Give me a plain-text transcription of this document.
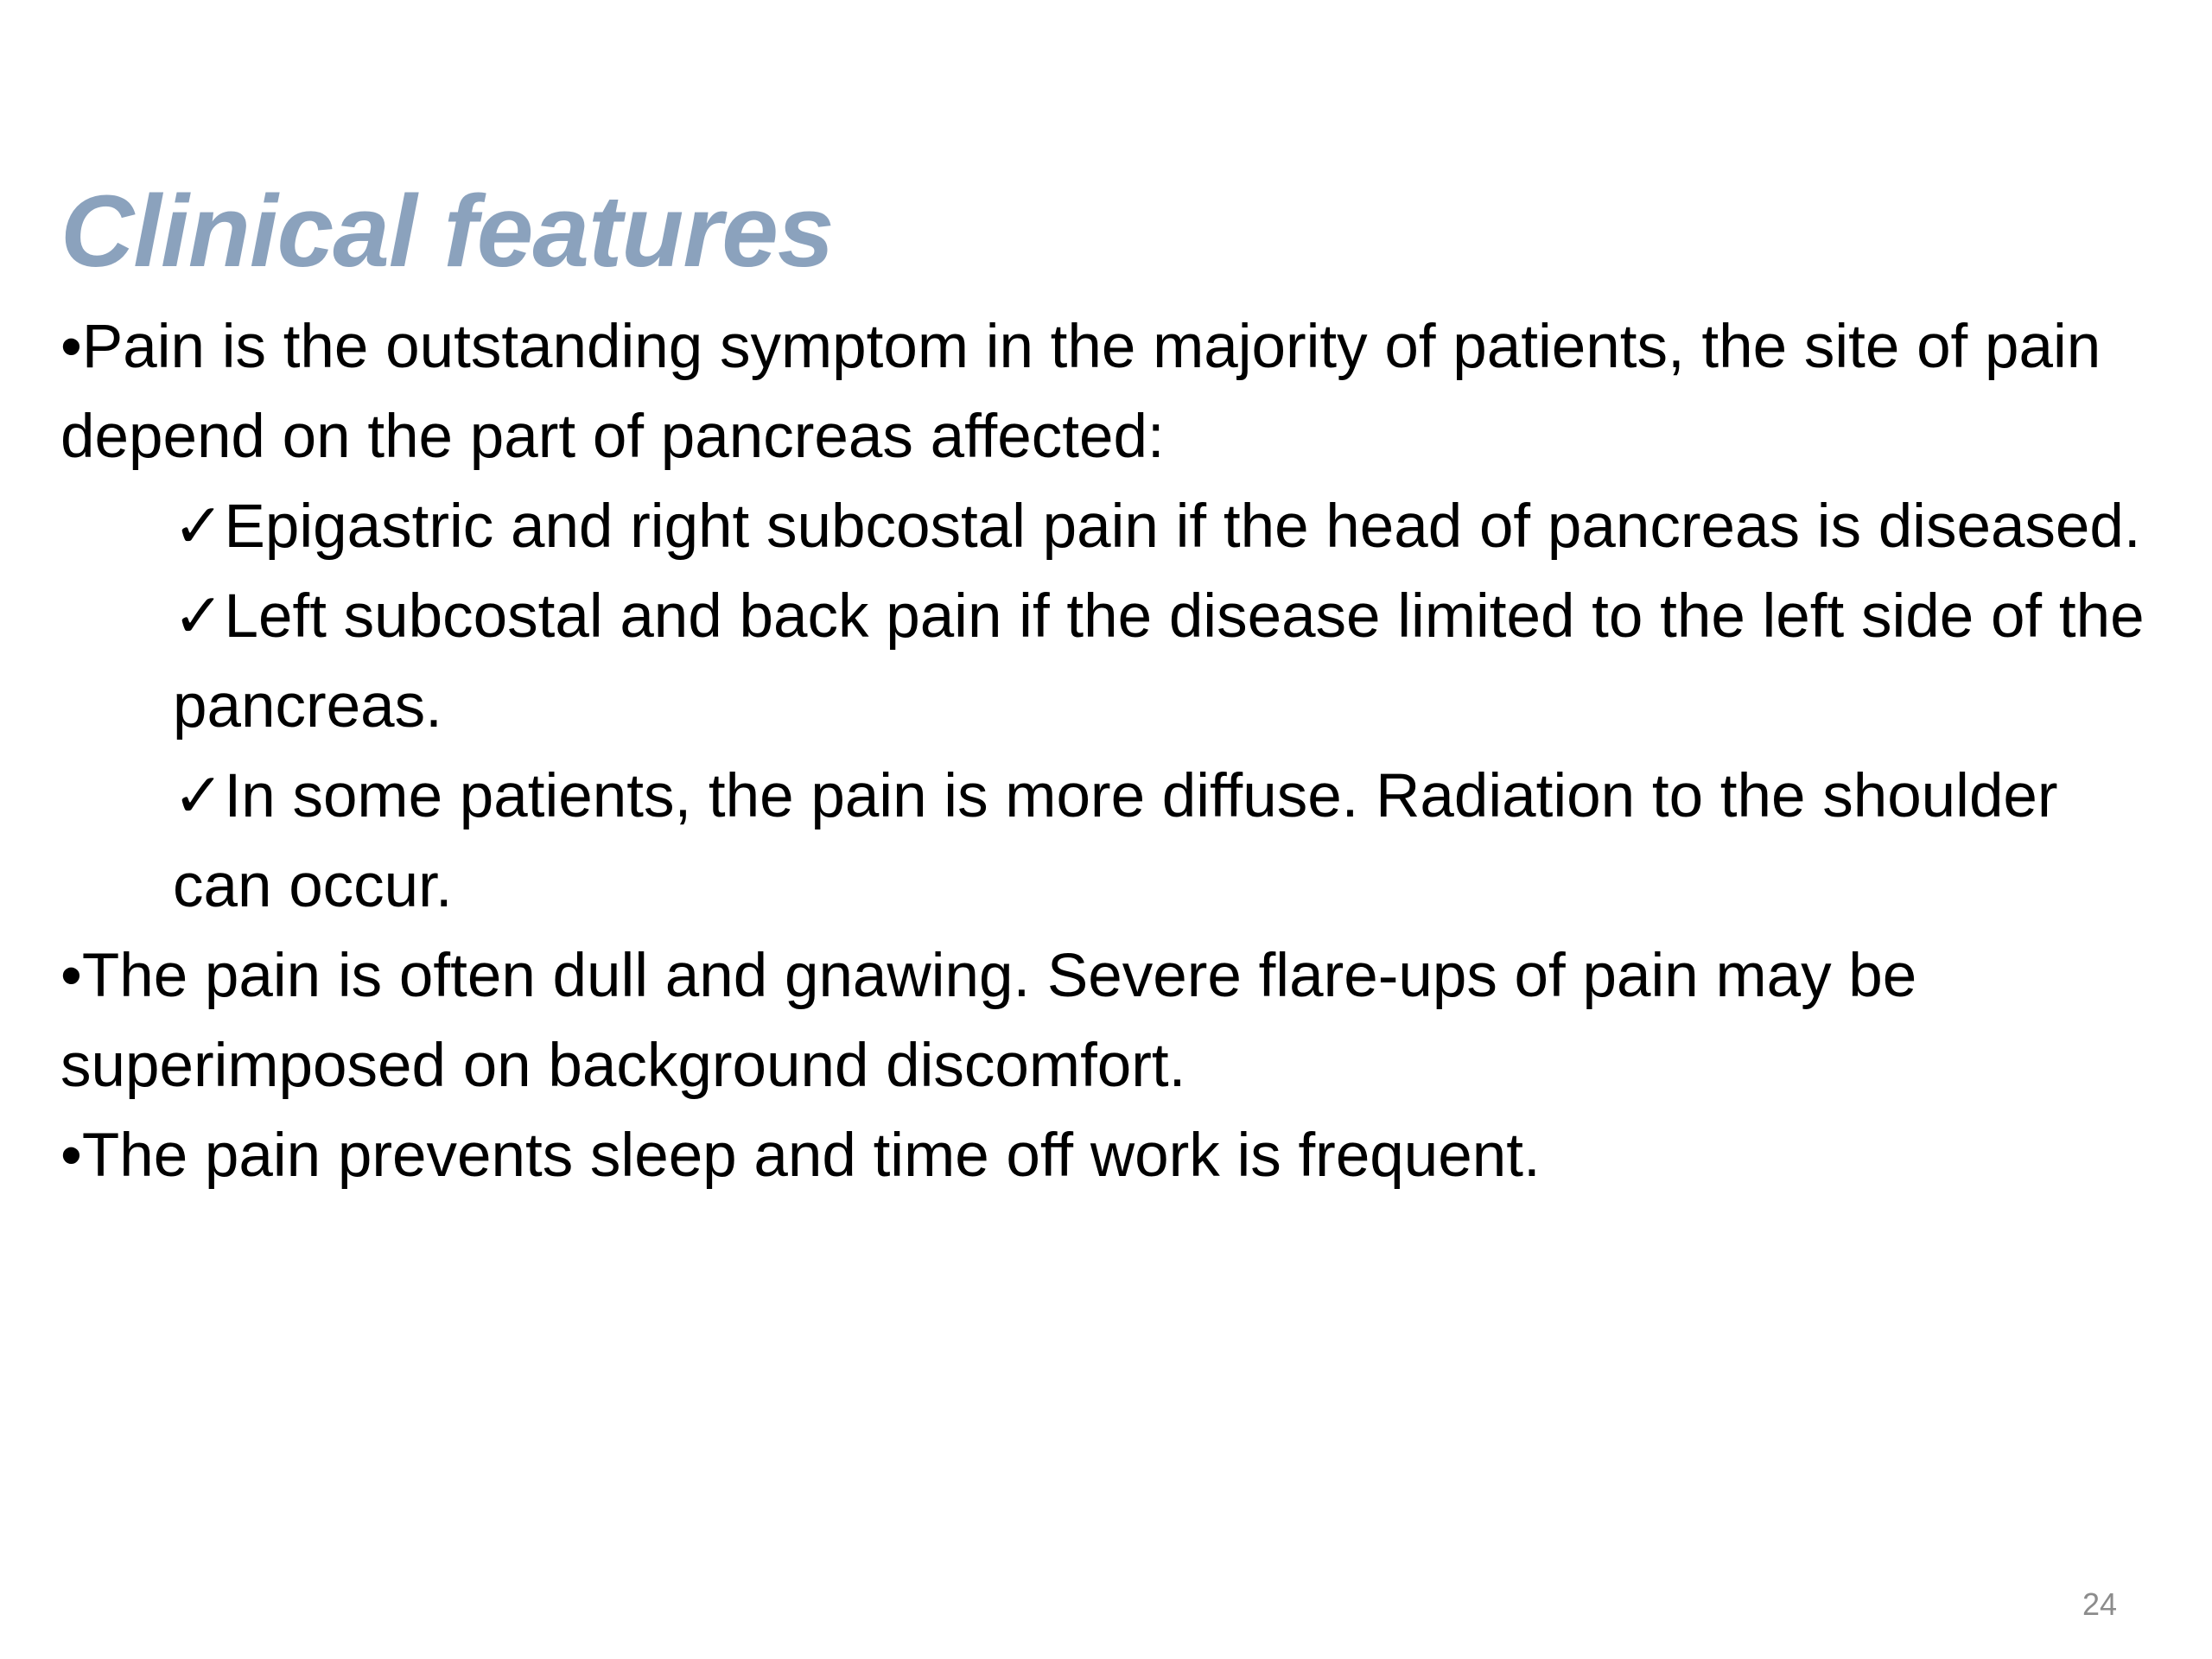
Clinical features

•Pain is the outstanding symptom in the majority of patients, the site of pain depend on the part of pancreas affected:

✓Epigastric and right subcostal pain if the head of pancreas is diseased.

✓Left subcostal and back pain if the disease limited to the left side of the pancreas.

✓In some patients, the pain is more diffuse. Radiation to the shoulder can occur.

•The pain is often dull and gnawing. Severe flare-ups of pain may be superimposed on background discomfort.

•The pain prevents sleep and time off work is frequent.

24
